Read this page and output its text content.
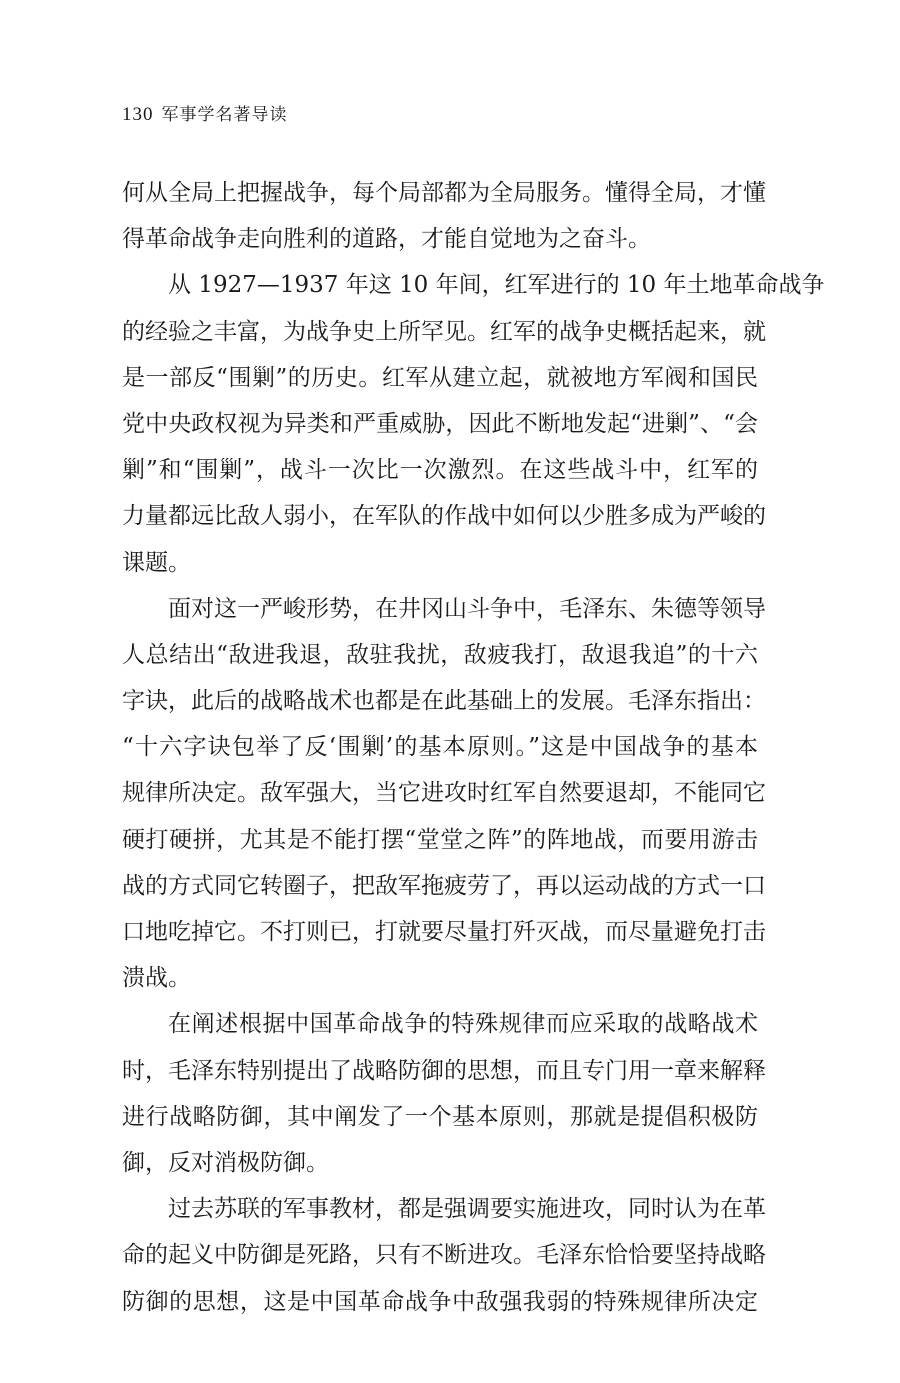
130 军事学名著导读
何从全局上把握战争，每个局部都为全局服务。懂得全局，才懂
得革命战争走向胜利的道路，才能自觉地为之奋斗。
从 1927—1937 年这 10 年间，红军进行的 10 年土地革命战争
的经验之丰富，为战争史上所罕见。红军的战争史概括起来，就
是一部反“围剿”的历史。红军从建立起，就被地方军阀和国民
党中央政权视为异类和严重威胁，因此不断地发起“进剿”、“会
剿”和“围剿”，战斗一次比一次激烈。在这些战斗中，红军的
力量都远比敌人弱小，在军队的作战中如何以少胜多成为严峻的
课题。
面对这一严峻形势，在井冈山斗争中，毛泽东、朱德等领导
人总结出“敌进我退，敌驻我扰，敌疲我打，敌退我追”的十六
字诀，此后的战略战术也都是在此基础上的发展。毛泽东指出：
“十六字诀包举了反‘围剿’的基本原则。”这是中国战争的基本
规律所决定。敌军强大，当它进攻时红军自然要退却，不能同它
硬打硬拼，尤其是不能打摆“堂堂之阵”的阵地战，而要用游击
战的方式同它转圈子，把敌军拖疲劳了，再以运动战的方式一口
口地吃掉它。不打则已，打就要尽量打歼灭战，而尽量避免打击
溃战。
在阐述根据中国革命战争的特殊规律而应采取的战略战术
时，毛泽东特别提出了战略防御的思想，而且专门用一章来解释
进行战略防御，其中阐发了一个基本原则，那就是提倡积极防
御，反对消极防御。
过去苏联的军事教材，都是强调要实施进攻，同时认为在革
命的起义中防御是死路，只有不断进攻。毛泽东恰恰要坚持战略
防御的思想，这是中国革命战争中敌强我弱的特殊规律所决定
